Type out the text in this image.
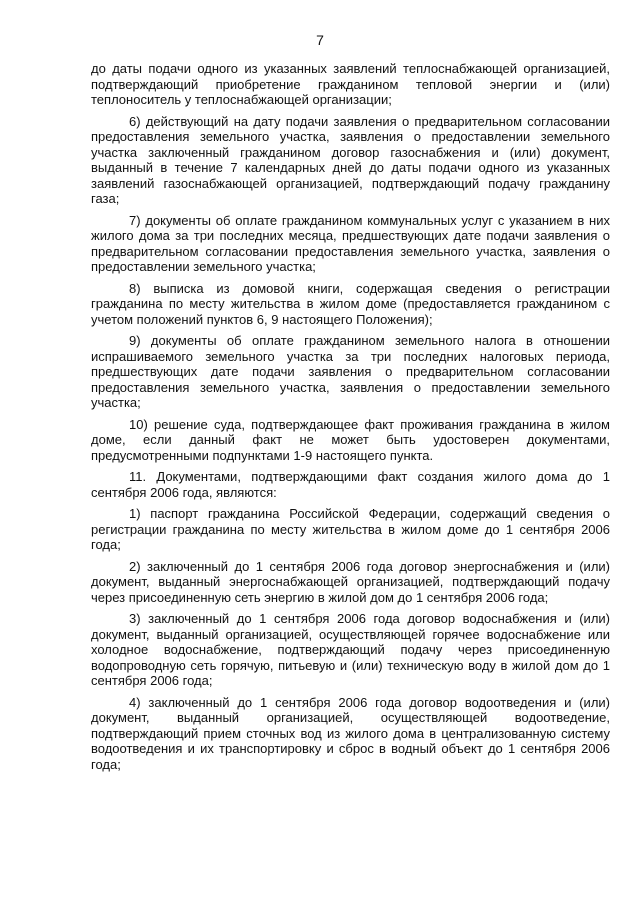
7

до даты подачи одного из указанных заявлений теплоснабжающей организацией, подтверждающий приобретение гражданином тепловой энергии и (или) теплоноситель у теплоснабжающей организации;

6) действующий на дату подачи заявления о предварительном согласовании предоставления земельного участка, заявления о предоставлении земельного участка заключенный гражданином договор газоснабжения и (или) документ, выданный в течение 7 календарных дней до даты подачи одного из указанных заявлений газоснабжающей организацией, подтверждающий подачу гражданину газа;

7) документы об оплате гражданином коммунальных услуг с указанием в них жилого дома за три последних месяца, предшествующих дате подачи заявления о предварительном согласовании предоставления земельного участка, заявления о предоставлении земельного участка;

8) выписка из домовой книги, содержащая сведения о регистрации гражданина по месту жительства в жилом доме (предоставляется гражданином с учетом положений пунктов 6, 9 настоящего Положения);

9) документы об оплате гражданином земельного налога в отношении испрашиваемого земельного участка за три последних налоговых периода, предшествующих дате подачи заявления о предварительном согласовании предоставления земельного участка, заявления о предоставлении земельного участка;

10) решение суда, подтверждающее факт проживания гражданина в жилом доме, если данный факт не может быть удостоверен документами, предусмотренными подпунктами 1-9 настоящего пункта.

11. Документами, подтверждающими факт создания жилого дома до 1 сентября 2006 года, являются:

1) паспорт гражданина Российской Федерации, содержащий сведения о регистрации гражданина по месту жительства в жилом доме до 1 сентября 2006 года;

2) заключенный до 1 сентября 2006 года договор энергоснабжения и (или) документ, выданный энергоснабжающей организацией, подтверждающий подачу через присоединенную сеть энергию в жилой дом до 1 сентября 2006 года;

3) заключенный до 1 сентября 2006 года договор водоснабжения и (или) документ, выданный организацией, осуществляющей горячее водоснабжение или холодное водоснабжение, подтверждающий подачу через присоединенную водопроводную сеть горячую, питьевую и (или) техническую воду в жилой дом до 1 сентября 2006 года;

4) заключенный до 1 сентября 2006 года договор водоотведения и (или) документ, выданный организацией, осуществляющей водоотведение, подтверждающий прием сточных вод из жилого дома в централизованную систему водоотведения и их транспортировку и сброс в водный объект до 1 сентября 2006 года;
